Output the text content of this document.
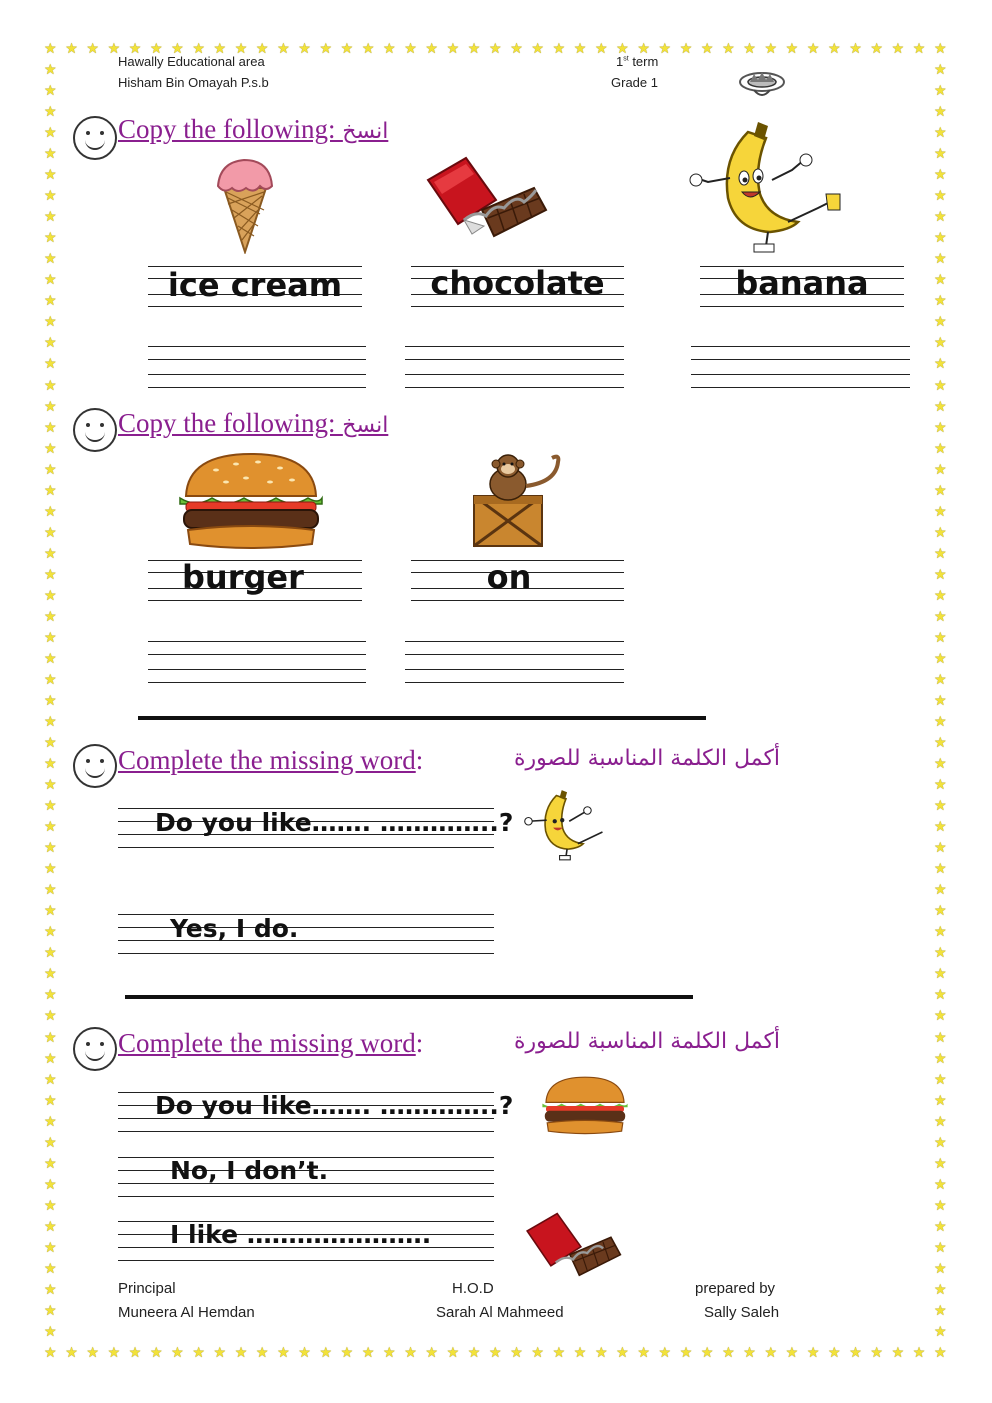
★
★
★
★
★
★
★
★
★
★
★
★
★
★
★
★
★
★
★
★
★
★
★
★
★
★
★
★
★
★
★
★
★
★
★
★
★
★
★
★
★
★
★
★
★
★
★
★
★
★
★
★
★
★
★
★
★
★
★
★
★
★
★
★
★
★
★
★
★
★
★
★
★
★
★
★
★
★
★
★
★
★
★
★
★
★
★	★
★	★
★	★
★	★
★	★
★	★
★	★
★	★
★	★
★	★
★	★
★	★
★	★
★	★
★	★
★	★
★	★
★	★
★	★
★	★
★	★
★	★
★	★
★	★
★	★
★	★
★	★
★	★
★	★
★	★
★	★
★	★
★	★
★	★
★	★
★	★
★	★
★	★
★	★
★	★
★	★
★	★
★	★
★	★
★	★
★	★
★	★
★	★
★	★
★	★
★	★
★	★
★	★
★	★
★	★
★	★
★	★
★	★
★	★
★	★
★	★
Hawally Educational area
Hisham Bin Omayah P.s.b
1st term
Grade 1
Copy the following: انسخ
ice cream	chocolate	banana
Copy the following: انسخ
burger	on
Complete the missing word:	أكمل الكلمة المناسبة للصورة
Do you like……. …………..?
Yes, I do.
Complete the missing word:	أكمل الكلمة المناسبة للصورة
Do you like……. …………..?
No, I don’t.
I like ………………….
Principal
Muneera Al Hemdan
H.O.D
Sarah Al Mahmeed
prepared by
Sally Saleh
